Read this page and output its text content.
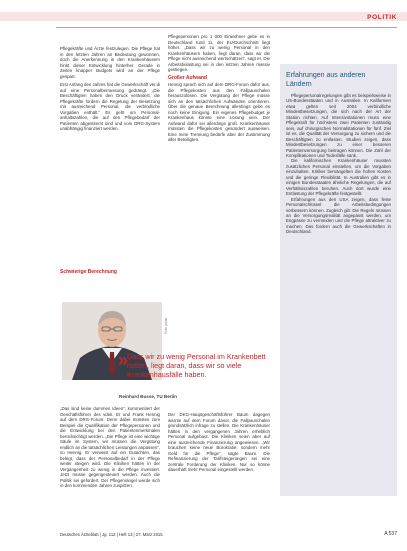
POLITIK

Pflegekräfte und Ärzte festzulegen. Die Pflege hat in den letzten Jahren an Bedeutung gewonnen, doch die Anerkennung in den Krankenhäusern hinkt dieser Entwicklung hinterher. Gerade in Zeiten knapper Budgets wird an der Pflege gespart.

Erst Anfang des Jahres hat die Gewerkschaft ver.di auf eine Personalbemessung gedrängt. „Die Beschäftigten haben den Druck verändert, die Pflegekräfte fordern die Regelung der Besetzung mit ausreichend Personal, die verbindliche Vorgaben enthält.“ Es geht um Personal-anhaltszahlen, die auf den Pflegebedarf der Patienten abgestimmt sind und vom DRG-System unabhängig finanziert werden.

Schwierige Berechnung

„Das sind keine dummen Ideen“, kommentiert der Geschäftsführer des vdek. Er und Frank Hennig auf dem DRG-Forum: Denn dabei müssten zum Beispiel die Qualifikation der Pflegepersonen und die Entwicklung bei den Patientenmerkmalen berücksichtigt werden. „Die Pflege ist eine wichtige Säule im System, wir müssen die Vergütung endlich an die tatsächlichen Leistungen anpassen“, so Hennig. Er verweist auf ein Gutachten, das belegt, dass der Personalbedarf in der Pflege weiter steigen wird. Die Kliniken hätten in der Vergangenheit zu wenig in die Pflege investiert. Jetzt müsse gegengesteuert werden. Auch die Politik sei gefordert. Der Pflegemangel werde sich in den kommenden Jahren zuspitzen.

Pflegepersonen pro 1 000 Einwohner gebe es in Deutschland rund 11, der EU-Durchschnitt liegt höher. „Dass wir zu wenig Personal in den Krankenhäusern haben, liegt daran, dass wir die Pflege nicht ausreichend wertschätzen“, sagt er. Die Arbeitsbelastung sei in den letzten Jahren massiv gestiegen.

Großer Aufwand

Hennig sprach sich auf dem DRG-Forum dafür aus, die Pflegekosten aus den Fallpauschalen herauszulösen. Die Vergütung der Pflege müsse sich an den tatsächlichen Aufwänden orientieren. Über die genaue Berechnung allerdings gebe es noch keine Einigung. Ein eigenes Pflegebudget je Krankenhaus könnte eine Lösung sein. Der Aufwand dafür sei allerdings groß. Krankenhäuser müssten die Pflegekosten gesondert ausweisen. Eine reine Trennung bedürfe aber der Zustimmung aller Beteiligten.

Der DKG-Hauptgeschäftsführer Baum dagegen warnte auf dem Forum davor, die Fallpauschalen grundsätzlich infrage zu stellen. Die Krankenhäuser hätten in den vergangenen Jahren erheblich Personal aufgebaut. Die Kliniken seien aber auf eine ausreichende Finanzierung angewiesen. „Wir brauchen keine neue Bürokratie, sondern mehr Geld für die Pflege“, sagte Baum. Die Refinanzierung der Tarifsteigerungen sei eine zentrale Forderung der Kliniken. Nur so könne dauerhaft mehr Personal eingestellt werden.

Foto: privat
»
Dass wir zu wenig Personal im Krankenbett haben, liegt daran, dass wir so viele Krankenhausfälle haben.
Reinhard Busse, TU Berlin
Erfahrungen aus anderen Ländern

Pflegepersonalregelungen gibt es beispielsweise in US-Bundesstaaten und in Australien. In Kalifornien etwa gelten seit 2004 verbindliche Mindestbesetzungen, die sich nach der Art der Station richten. Auf Intensivstationen muss eine Pflegekraft für höchstens zwei Patienten zuständig sein, auf chirurgischen Normalstationen für fünf. Ziel ist es, die Qualität der Versorgung zu sichern und die Beschäftigten zu entlasten. Studien zeigen, dass Mindestbesetzungen zu einer besseren Patientenversorgung beitragen können. Die Zahl der Komplikationen und Todesfälle sank.

Die kalifornischen Krankenhäuser mussten zusätzliches Personal einstellen, um die Vorgaben einzuhalten. Kritiker bemängelten die hohen Kosten und die geringe Flexibilität. In Australien gibt es in einigen Bundesstaaten ähnliche Regelungen, die auf Verhältniszahlen beruhen. Auch dort wurde eine Entlastung der Pflegekräfte festgestellt.

Erfahrungen aus den USA zeigen, dass feste Personalschlüssel die Arbeitsbedingungen verbessern können. Zugleich gilt: Die Regeln müssen an die Versorgungsrealität angepasst werden, um Engpässe zu vermeiden und die Pflege attraktiver zu machen. Das fordern auch die Gewerkschaften in Deutschland.

Deutsches Ärzteblatt | Jg. 112 | Heft 13 | 27. März 2015	A 537
